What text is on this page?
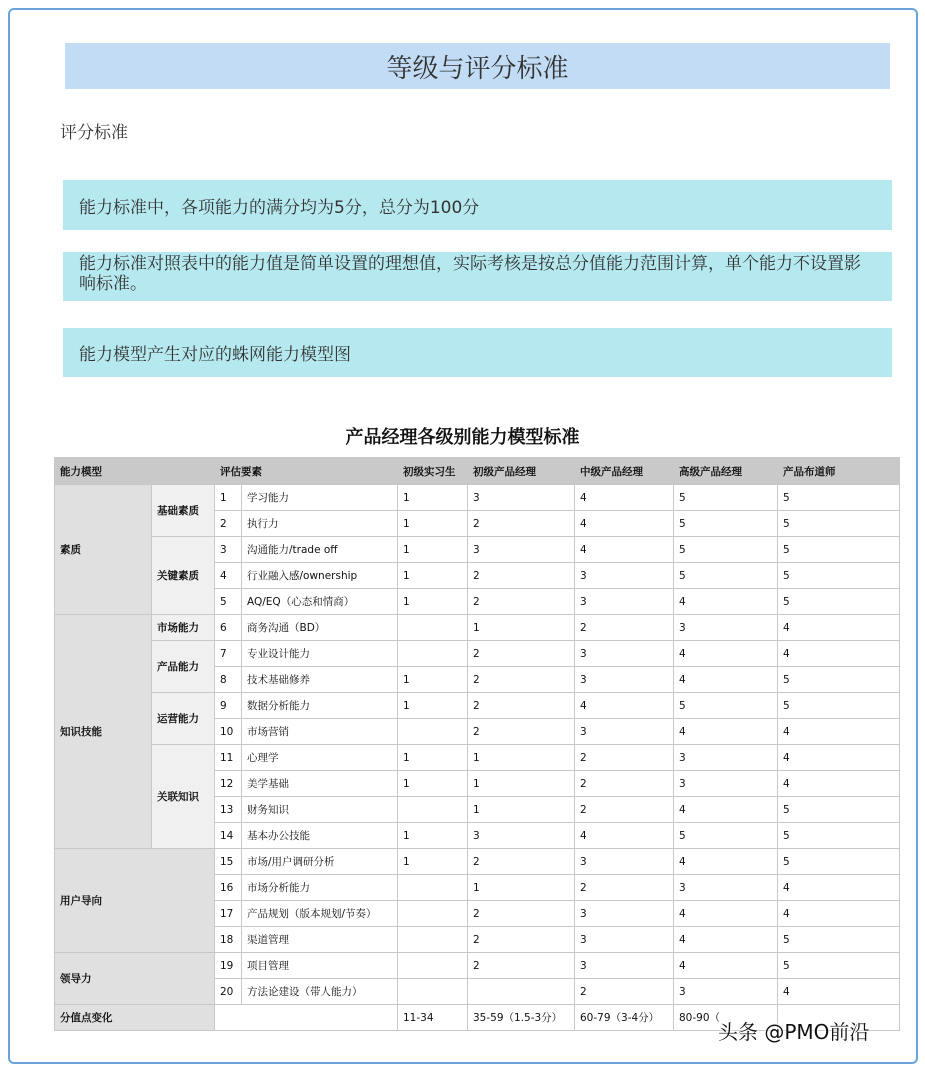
等级与评分标准
评分标准
能力标准中，各项能力的满分均为5分，总分为100分
能力标准对照表中的能力值是简单设置的理想值，实际考核是按总分值能力范围计算，单个能力不设置影响标准。
能力模型产生对应的蛛网能力模型图
产品经理各级别能力模型标准
能力模型		评估要素		初级实习生	初级产品经理	中级产品经理	高级产品经理	产品布道师
素质	基础素质	1	学习能力	1	3	4	5	5
		2	执行力	1	2	4	5	5
	关键素质	3	沟通能力/trade off	1	3	4	5	5
		4	行业融入感/ownership	1	2	3	5	5
		5	AQ/EQ（心态和情商）	1	2	3	4	5
知识技能	市场能力	6	商务沟通（BD）		1	2	3	4
	产品能力	7	专业设计能力		2	3	4	4
		8	技术基础修养	1	2	3	4	5
	运营能力	9	数据分析能力	1	2	4	5	5
		10	市场营销		2	3	4	4
	关联知识	11	心理学	1	1	2	3	4
		12	美学基础	1	1	2	3	4
		13	财务知识		1	2	4	5
		14	基本办公技能	1	3	4	5	5
用户导向		15	市场/用户调研分析	1	2	3	4	5
		16	市场分析能力		1	2	3	4
		17	产品规划（版本规划/节奏）		2	3	4	4
		18	渠道管理		2	3	4	5
领导力		19	项目管理		2	3	4	5
		20	方法论建设（带人能力）			2	3	4
分值点变化				11-34	35-59（1.5-3分）	60-79（3-4分）	80-90（	
头条 @PMO前沿
